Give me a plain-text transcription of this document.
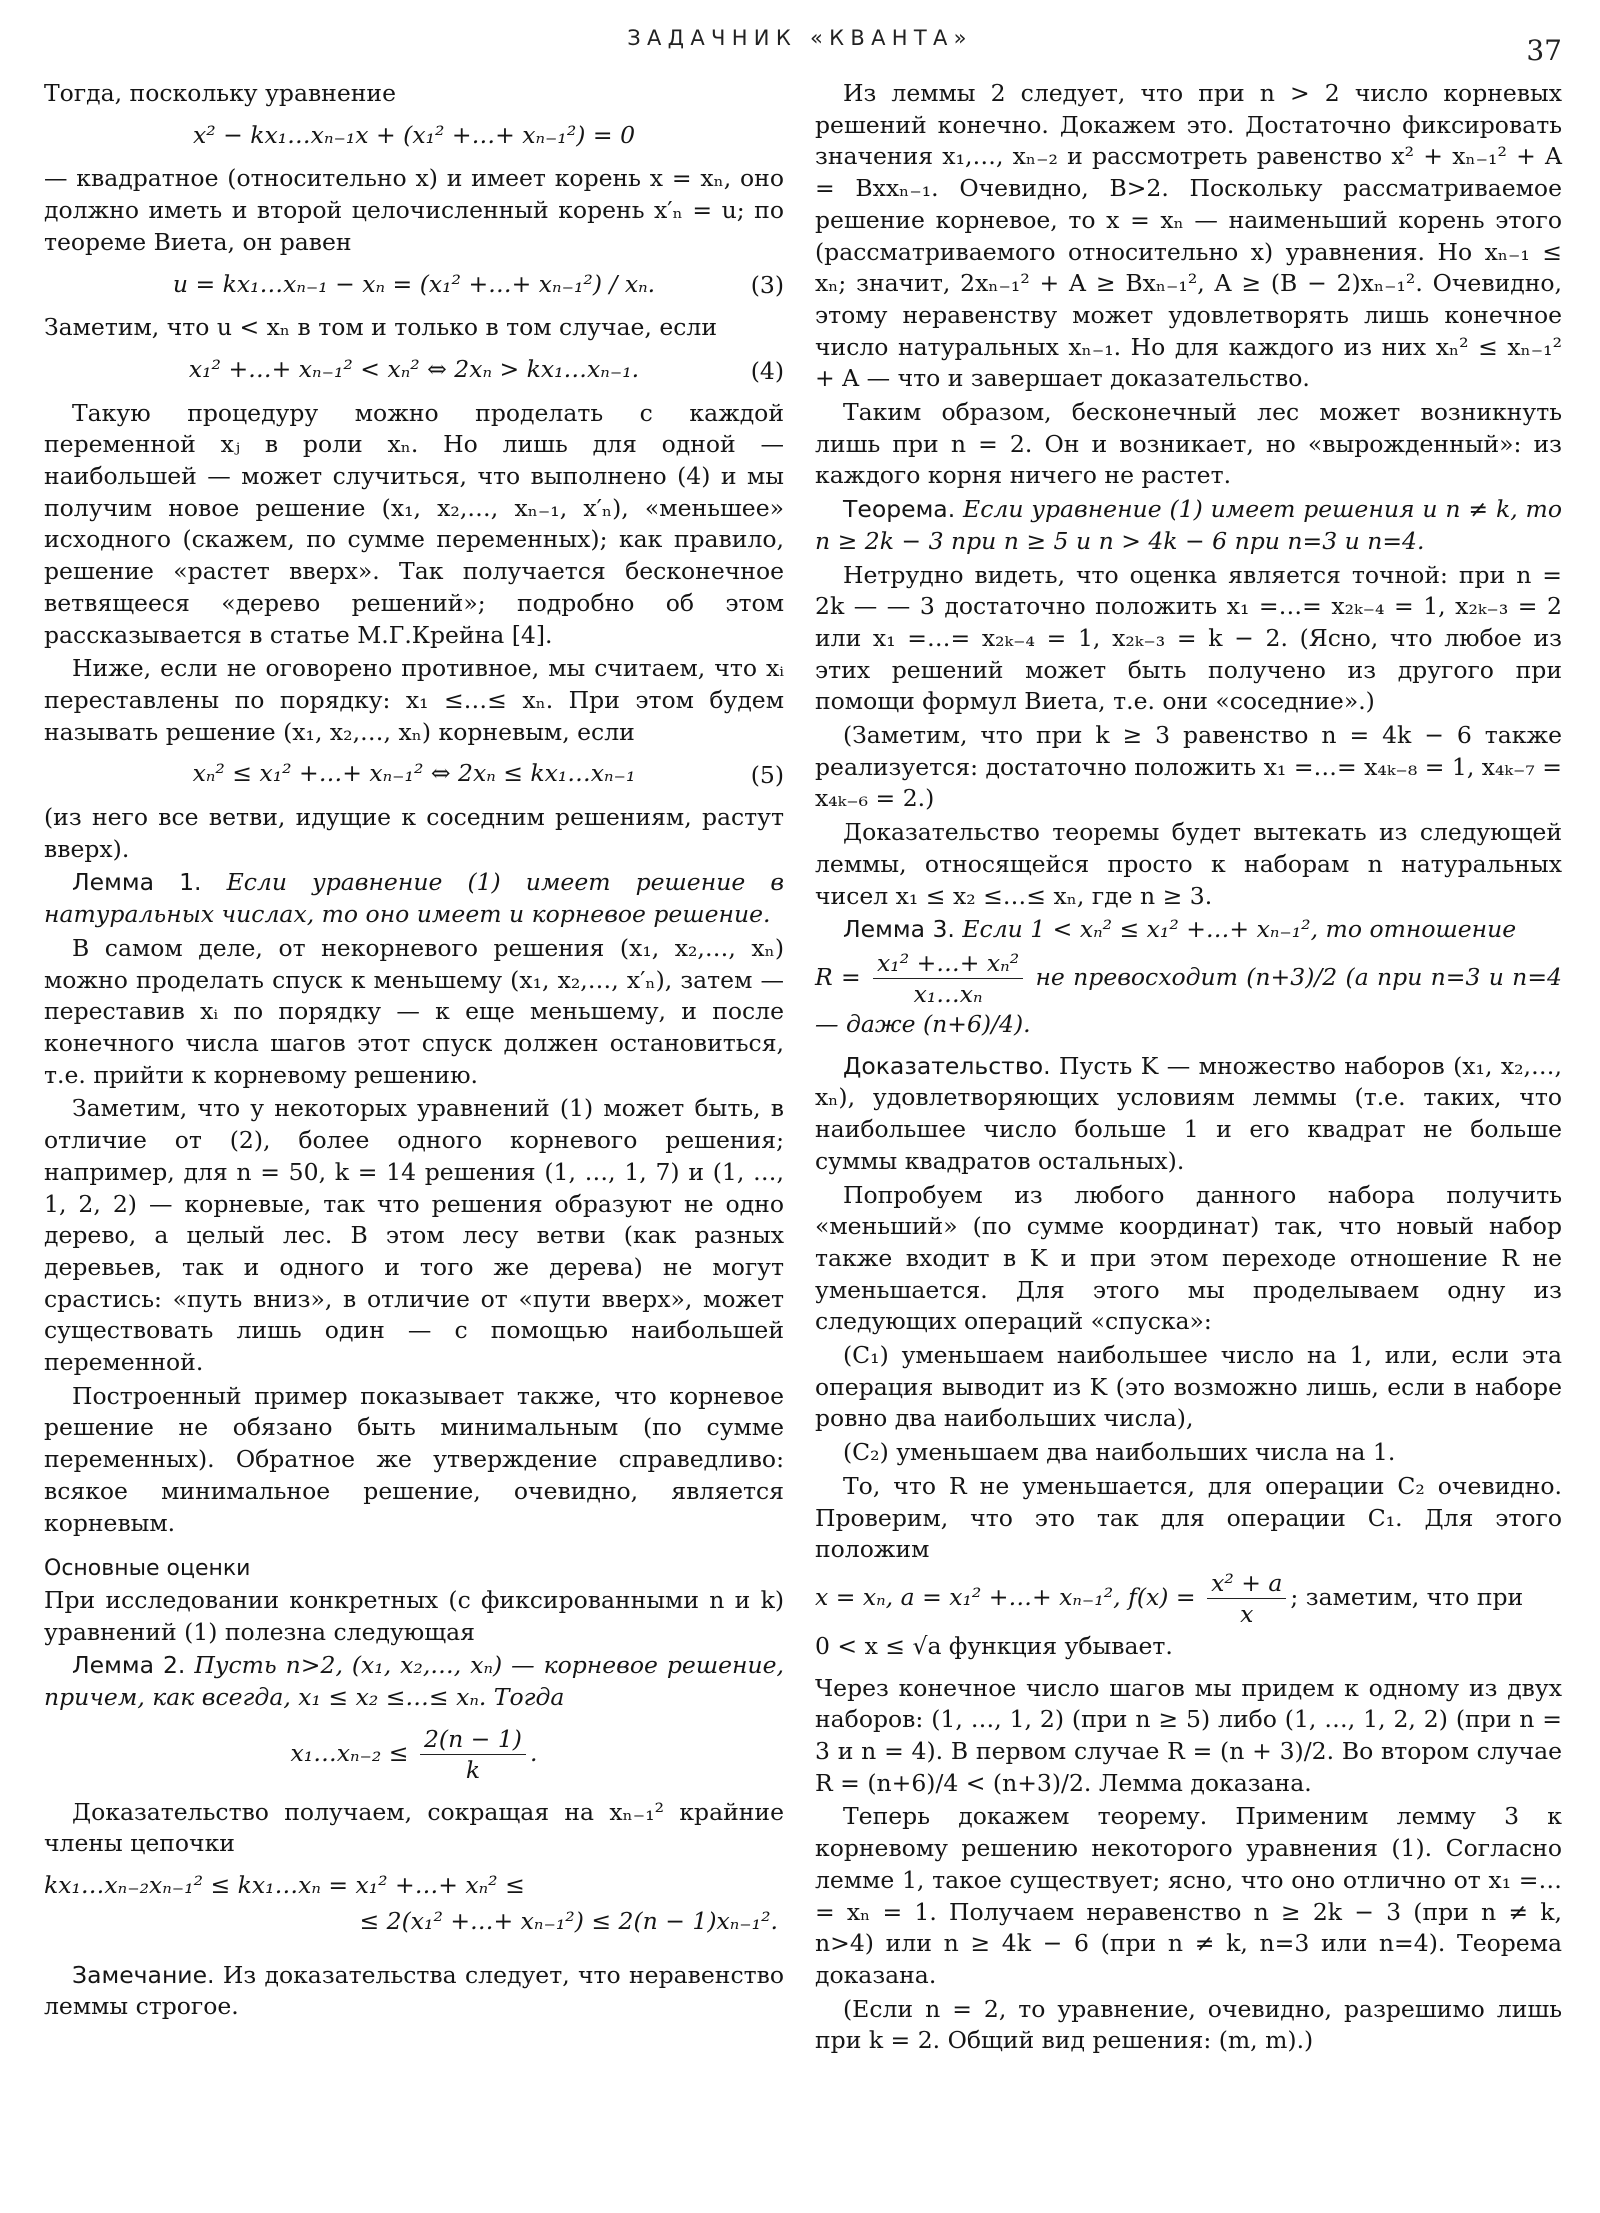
ЗАДАЧНИК «КВАНТА»	37

Тогда, поскольку уравнение

x² − kx₁…xₙ₋₁x + (x₁² +…+ xₙ₋₁²) = 0

— квадратное (относительно x) и имеет корень x = xₙ, оно должно иметь и второй целочисленный корень x′ₙ = u; по теореме Виета, он равен

u = kx₁…xₙ₋₁ − xₙ = (x₁² +…+ xₙ₋₁²) / xₙ.	(3)

Заметим, что u < xₙ в том и только в том случае, если

x₁² +…+ xₙ₋₁² < xₙ² ⇔ 2xₙ > kx₁…xₙ₋₁.	(4)

Такую процедуру можно проделать с каждой переменной xⱼ в роли xₙ. Но лишь для одной — наибольшей — может случиться, что выполнено (4) и мы получим новое решение (x₁, x₂,…, xₙ₋₁, x′ₙ), «меньшее» исходного (скажем, по сумме переменных); как правило, решение «растет вверх». Так получается бесконечное ветвящееся «дерево решений»; подробно об этом рассказывается в статье М.Г.Крейна [4].

Ниже, если не оговорено противное, мы считаем, что xᵢ переставлены по порядку: x₁ ≤…≤ xₙ. При этом будем называть решение (x₁, x₂,…, xₙ) корневым, если

xₙ² ≤ x₁² +…+ xₙ₋₁² ⇔ 2xₙ ≤ kx₁…xₙ₋₁	(5)

(из него все ветви, идущие к соседним решениям, растут вверх).

Лемма 1. Если уравнение (1) имеет решение в натуральных числах, то оно имеет и корневое решение.

В самом деле, от некорневого решения (x₁, x₂,…, xₙ) можно проделать спуск к меньшему (x₁, x₂,…, x′ₙ), затем — переставив xᵢ по порядку — к еще меньшему, и после конечного числа шагов этот спуск должен остановиться, т.е. прийти к корневому решению.

Заметим, что у некоторых уравнений (1) может быть, в отличие от (2), более одного корневого решения; например, для n = 50, k = 14 решения (1, …, 1, 7) и (1, …, 1, 2, 2) — корневые, так что решения образуют не одно дерево, а целый лес. В этом лесу ветви (как разных деревьев, так и одного и того же дерева) не могут срастись: «путь вниз», в отличие от «пути вверх», может существовать лишь один — с помощью наибольшей переменной.

Построенный пример показывает также, что корневое решение не обязано быть минимальным (по сумме переменных). Обратное же утверждение справедливо: всякое минимальное решение, очевидно, является корневым.

Основные оценки

При исследовании конкретных (с фиксированными n и k) уравнений (1) полезна следующая

Лемма 2. Пусть n>2, (x₁, x₂,…, xₙ) — корневое решение, причем, как всегда, x₁ ≤ x₂ ≤…≤ xₙ. Тогда

x₁…xₙ₋₂ ≤ $\frac{2(n - 1)}{k}$ .

Доказательство получаем, сокращая на xₙ₋₁² крайние члены цепочки

kx₁…xₙ₋₂xₙ₋₁² ≤ kx₁…xₙ = x₁² +…+ xₙ² ≤
≤ 2(x₁² +…+ xₙ₋₁²) ≤ 2(n − 1)xₙ₋₁².

Замечание. Из доказательства следует, что неравенство леммы строгое.

Из леммы 2 следует, что при n > 2 число корневых решений конечно. Докажем это. Достаточно фиксировать значения x₁,…, xₙ₋₂ и рассмотреть равенство x² + xₙ₋₁² + A = Bxxₙ₋₁. Очевидно, B>2. Поскольку рассматриваемое решение корневое, то x = xₙ — наименьший корень этого (рассматриваемого относительно x) уравнения. Но xₙ₋₁ ≤ xₙ; значит, 2xₙ₋₁² + A ≥ Bxₙ₋₁², A ≥ (B − 2)xₙ₋₁². Очевидно, этому неравенству может удовлетворять лишь конечное число натуральных xₙ₋₁. Но для каждого из них xₙ² ≤ xₙ₋₁² + A — что и завершает доказательство.

Таким образом, бесконечный лес может возникнуть лишь при n = 2. Он и возникает, но «вырожденный»: из каждого корня ничего не растет.

Теорема. Если уравнение (1) имеет решения и n ≠ k, то n ≥ 2k − 3 при n ≥ 5 и n > 4k − 6 при n=3 и n=4.

Нетрудно видеть, что оценка является точной: при n = 2k — — 3 достаточно положить x₁ =…= x₂ₖ₋₄ = 1, x₂ₖ₋₃ = 2 или x₁ =…= x₂ₖ₋₄ = 1, x₂ₖ₋₃ = k − 2. (Ясно, что любое из этих решений может быть получено из другого при помощи формул Виета, т.е. они «соседние».)

(Заметим, что при k ≥ 3 равенство n = 4k − 6 также реализуется: достаточно положить x₁ =…= x₄ₖ₋₈ = 1, x₄ₖ₋₇ = x₄ₖ₋₆ = 2.)

Доказательство теоремы будет вытекать из следующей леммы, относящейся просто к наборам n натуральных чисел x₁ ≤ x₂ ≤…≤ xₙ, где n ≥ 3.

Лемма 3. Если 1 < xₙ² ≤ x₁² +…+ xₙ₋₁², то отношение

$R = \frac{\text{x₁² +…+ xₙ²}}{\text{x₁…xₙ}}$ не превосходит (n+3)/2 (а при n=3 и n=4 — даже (n+6)/4).

Доказательство. Пусть K — множество наборов (x₁, x₂,…, xₙ), удовлетворяющих условиям леммы (т.е. таких, что наибольшее число больше 1 и его квадрат не больше суммы квадратов остальных).

Попробуем из любого данного набора получить «меньший» (по сумме координат) так, что новый набор также входит в K и при этом переходе отношение R не уменьшается. Для этого мы проделываем одну из следующих операций «спуска»:

(C₁) уменьшаем наибольшее число на 1, или, если эта операция выводит из K (это возможно лишь, если в наборе ровно два наибольших числа),

(C₂) уменьшаем два наибольших числа на 1.

То, что R не уменьшается, для операции C₂ очевидно. Проверим, что это так для операции C₁. Для этого положим

x = xₙ, a = x₁² +…+ xₙ₋₁², $f(x) = \frac{\text{x² + a}}{x}$ ; заметим, что при

0 < x ≤ √a функция убывает.

Через конечное число шагов мы придем к одному из двух наборов: (1, …, 1, 2) (при n ≥ 5) либо (1, …, 1, 2, 2) (при n = 3 и n = 4). В первом случае R = (n + 3)/2. Во втором случае R = (n+6)/4 < (n+3)/2. Лемма доказана.

Теперь докажем теорему. Применим лемму 3 к корневому решению некоторого уравнения (1). Согласно лемме 1, такое существует; ясно, что оно отлично от x₁ =…= xₙ = 1. Получаем неравенство n ≥ 2k − 3 (при n ≠ k, n>4) или n ≥ 4k − 6 (при n ≠ k, n=3 или n=4). Теорема доказана.

(Если n = 2, то уравнение, очевидно, разрешимо лишь при k = 2. Общий вид решения: (m, m).)
